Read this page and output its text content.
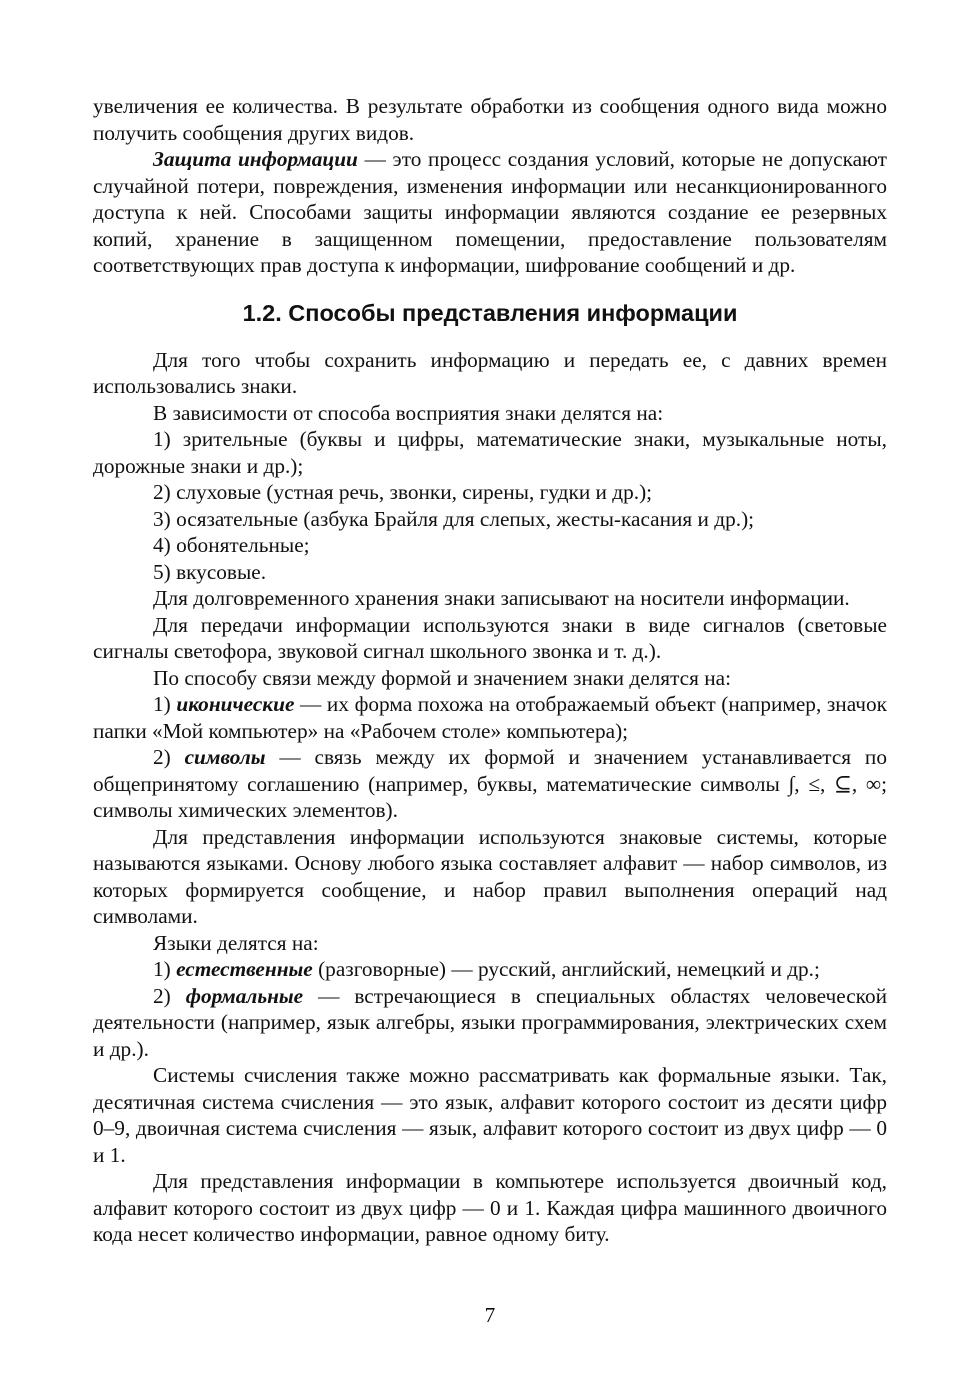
увеличения ее количества. В результате обработки из сообщения одного вида можно получить сообщения других видов.

Защита информации — это процесс создания условий, которые не допускают случайной потери, повреждения, изменения информации или несанкционированного доступа к ней. Способами защиты информации являются создание ее резервных копий, хранение в защищенном помещении, предоставление пользователям соответствующих прав доступа к информации, шифрование сообщений и др.

1.2. Способы представления информации

Для того чтобы сохранить информацию и передать ее, с давних времен использовались знаки.

В зависимости от способа восприятия знаки делятся на:

1) зрительные (буквы и цифры, математические знаки, музыкальные ноты, дорожные знаки и др.);

2) слуховые (устная речь, звонки, сирены, гудки и др.);

3) осязательные (азбука Брайля для слепых, жесты-касания и др.);

4) обонятельные;

5) вкусовые.

Для долговременного хранения знаки записывают на носители информации.

Для передачи информации используются знаки в виде сигналов (световые сигналы светофора, звуковой сигнал школьного звонка и т. д.).

По способу связи между формой и значением знаки делятся на:

1) иконические — их форма похожа на отображаемый объект (например, значок папки «Мой компьютер» на «Рабочем столе» компьютера);

2) символы — связь между их формой и значением устанавливается по общепринятому соглашению (например, буквы, математические символы ∫, ≤, ⊆, ∞; символы химических элементов).

Для представления информации используются знаковые системы, которые называются языками. Основу любого языка составляет алфавит — набор символов, из которых формируется сообщение, и набор правил выполнения операций над символами.

Языки делятся на:

1) естественные (разговорные) — русский, английский, немецкий и др.;

2) формальные — встречающиеся в специальных областях человеческой деятельности (например, язык алгебры, языки программирования, электрических схем и др.).

Системы счисления также можно рассматривать как формальные языки. Так, десятичная система счисления — это язык, алфавит которого состоит из десяти цифр 0–9, двоичная система счисления — язык, алфавит которого состоит из двух цифр — 0 и 1.

Для представления информации в компьютере используется двоичный код, алфавит которого состоит из двух цифр — 0 и 1. Каждая цифра машинного двоичного кода несет количество информации, равное одному биту.

7
